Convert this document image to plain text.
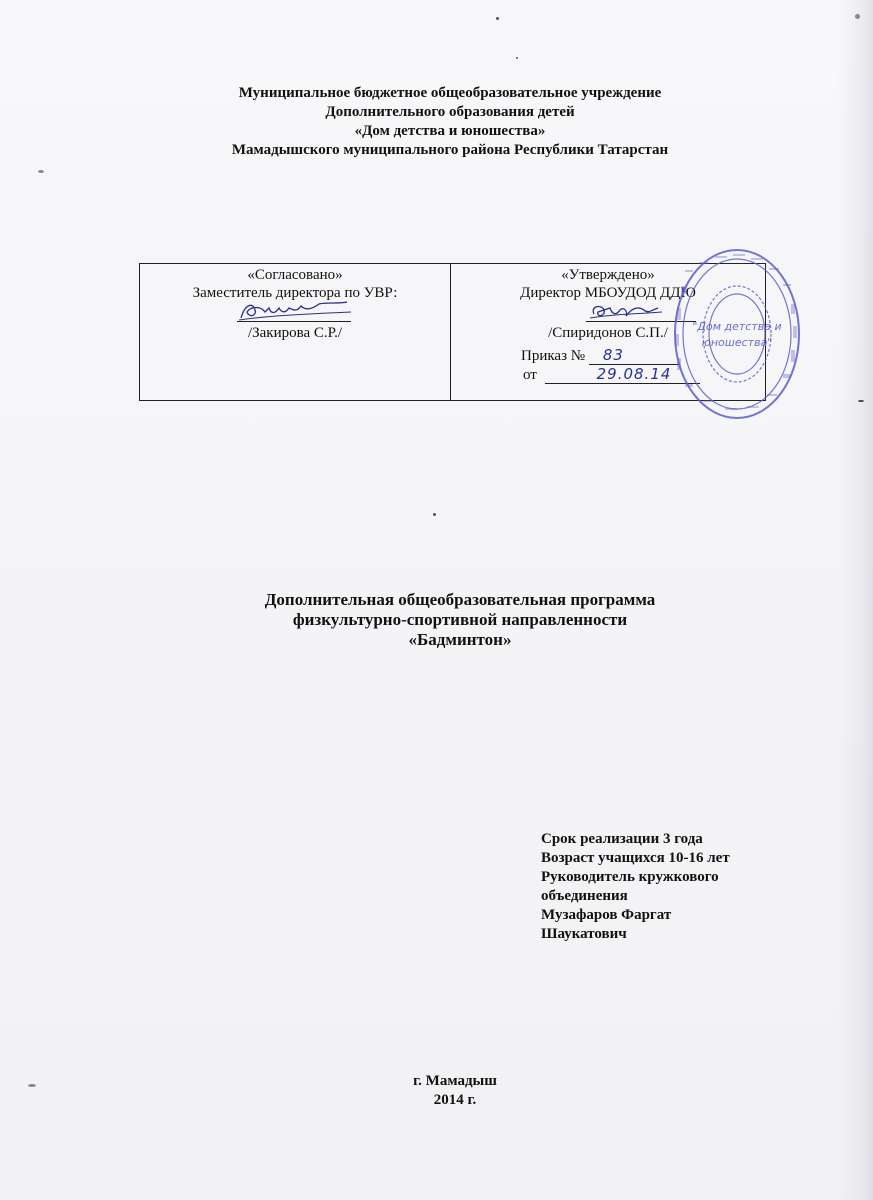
Муниципальное бюджетное общеобразовательное учреждение
Дополнительного образования детей
«Дом детства и юношества»
Мамадышского муниципального района Республики Татарстан
«Согласовано»
Заместитель директора по УВР:
/Закирова С.Р./
«Утверждено»
Директор МБОУДОД ДДЮ
/Спиридонов С.П./
Приказ № 83
от	29.08.14
"Дом детства и
юношества"
Дополнительная общеобразовательная программа
физкультурно-спортивной направленности
«Бадминтон»
Срок реализации 3 года
Возраст учащихся 10-16 лет
Руководитель кружкового
объединения
Музафаров Фаргат
Шаукатович
г. Мамадыш
2014 г.
